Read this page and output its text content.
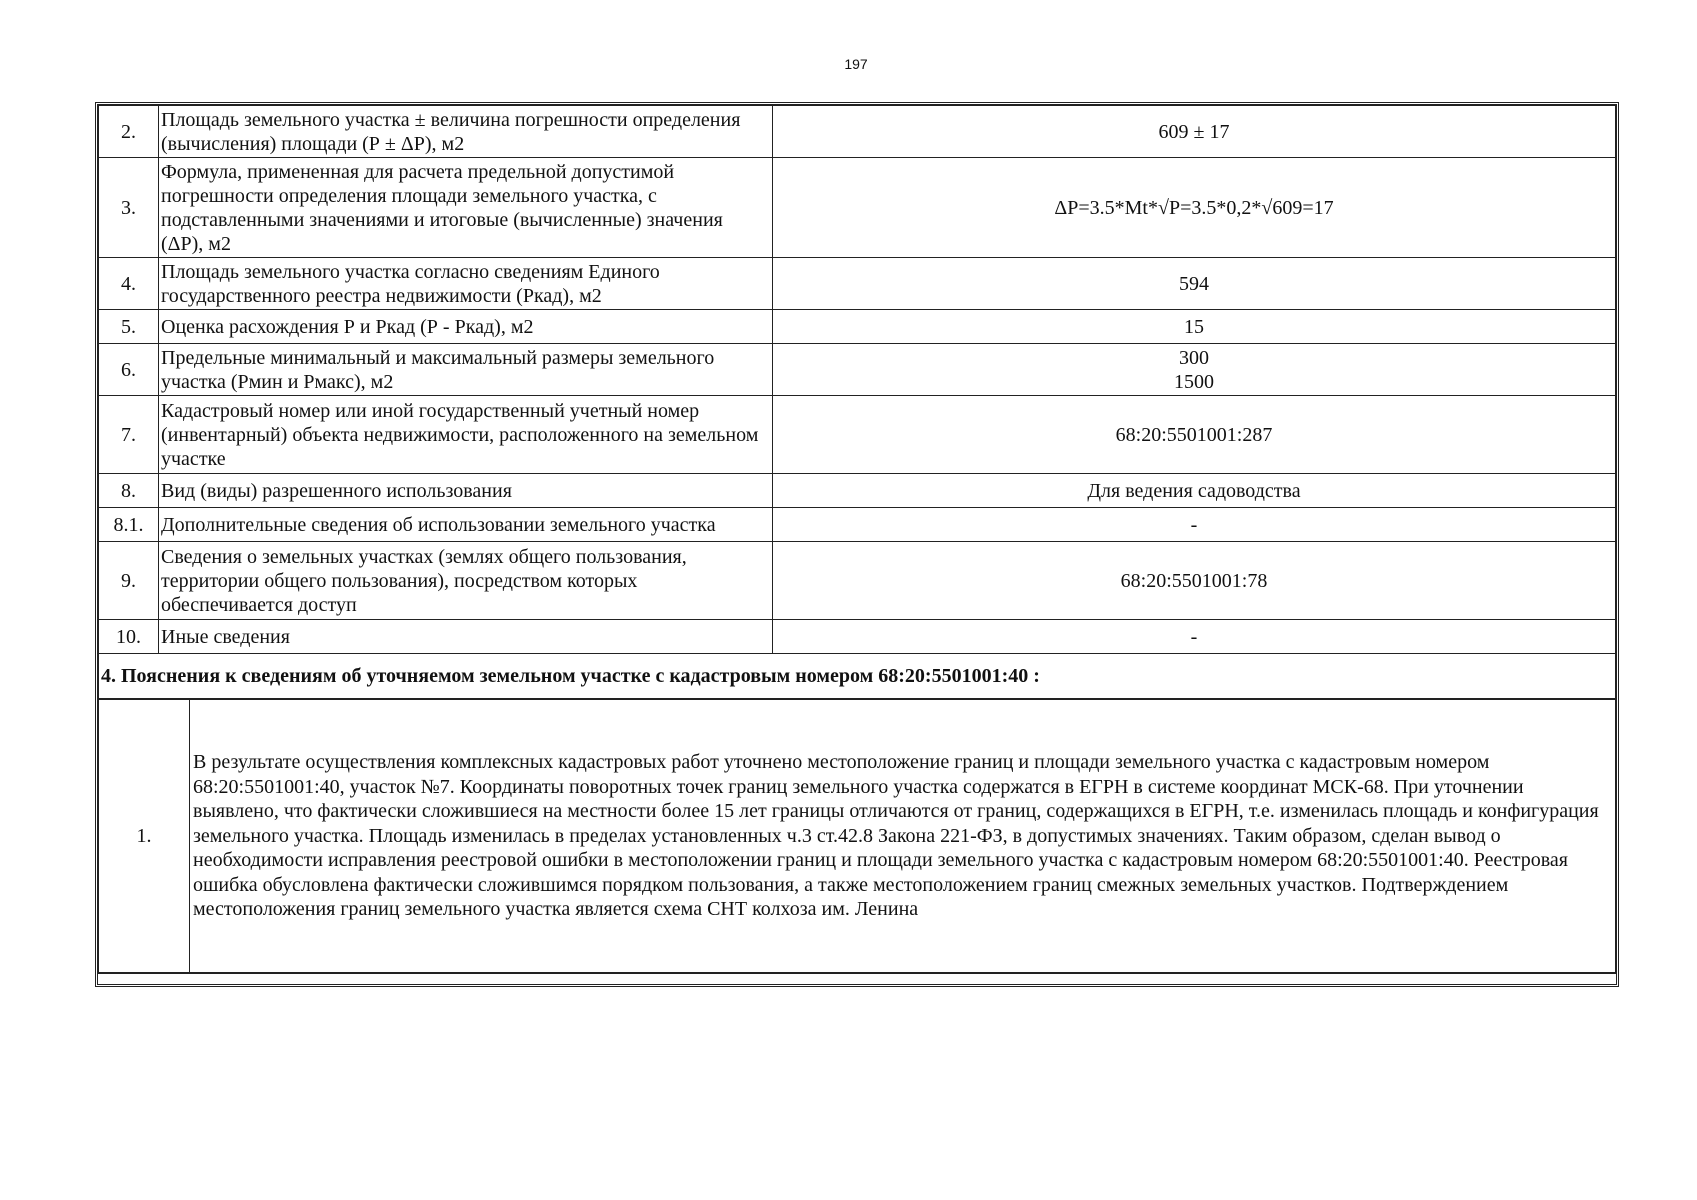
197
2.	Площадь земельного участка ± величина погрешности определения (вычисления) площади (Р ± ΔР), м2	609 ± 17
3.	Формула, примененная для расчета предельной допустимой погрешности определения площади земельного участка, с подставленными значениями и итоговые (вычисленные) значения (ΔР), м2	ΔР=3.5*Mt*√Р=3.5*0,2*√609=17
4.	Площадь земельного участка согласно сведениям Единого государственного реестра недвижимости (Ркад), м2	594
5.	Оценка расхождения Р и Ркад (Р - Ркад), м2	15
6.	Предельные минимальный и максимальный размеры земельного участка (Рмин и Рмакс), м2	300
1500

7.	Кадастровый номер или иной государственный учетный номер (инвентарный) объекта недвижимости, расположенного на земельном участке	68:20:5501001:287
8.	Вид (виды) разрешенного использования	Для ведения садоводства
8.1.	Дополнительные сведения об использовании земельного участка	-
9.	Сведения о земельных участках (землях общего пользования, территории общего пользования), посредством которых обеспечивается доступ	68:20:5501001:78
10.	Иные сведения	-
4. Пояснения к сведениям об уточняемом земельном участке с кадастровым номером 68:20:5501001:40 :		
1.	В результате осуществления комплексных кадастровых работ уточнено местоположение границ и площади земельного участка с кадастровым номером 68:20:5501001:40, участок №7. Координаты поворотных точек границ земельного участка содержатся в ЕГРН в системе координат МСК-68. При уточнении выявлено, что фактически сложившиеся на местности более 15 лет границы отличаются от границ, содержащихся в ЕГРН, т.е. изменилась площадь и конфигурация земельного участка. Площадь изменилась в пределах установленных ч.3 ст.42.8 Закона 221-ФЗ, в допустимых значениях. Таким образом, сделан вывод о необходимости исправления реестровой ошибки в местоположении границ и площади земельного участка с кадастровым номером 68:20:5501001:40. Реестровая ошибка обусловлена фактически сложившимся порядком пользования, а также местоположением границ смежных земельных участков. Подтверждением местоположения границ земельного участка является схема СНТ колхоза им. Ленина
